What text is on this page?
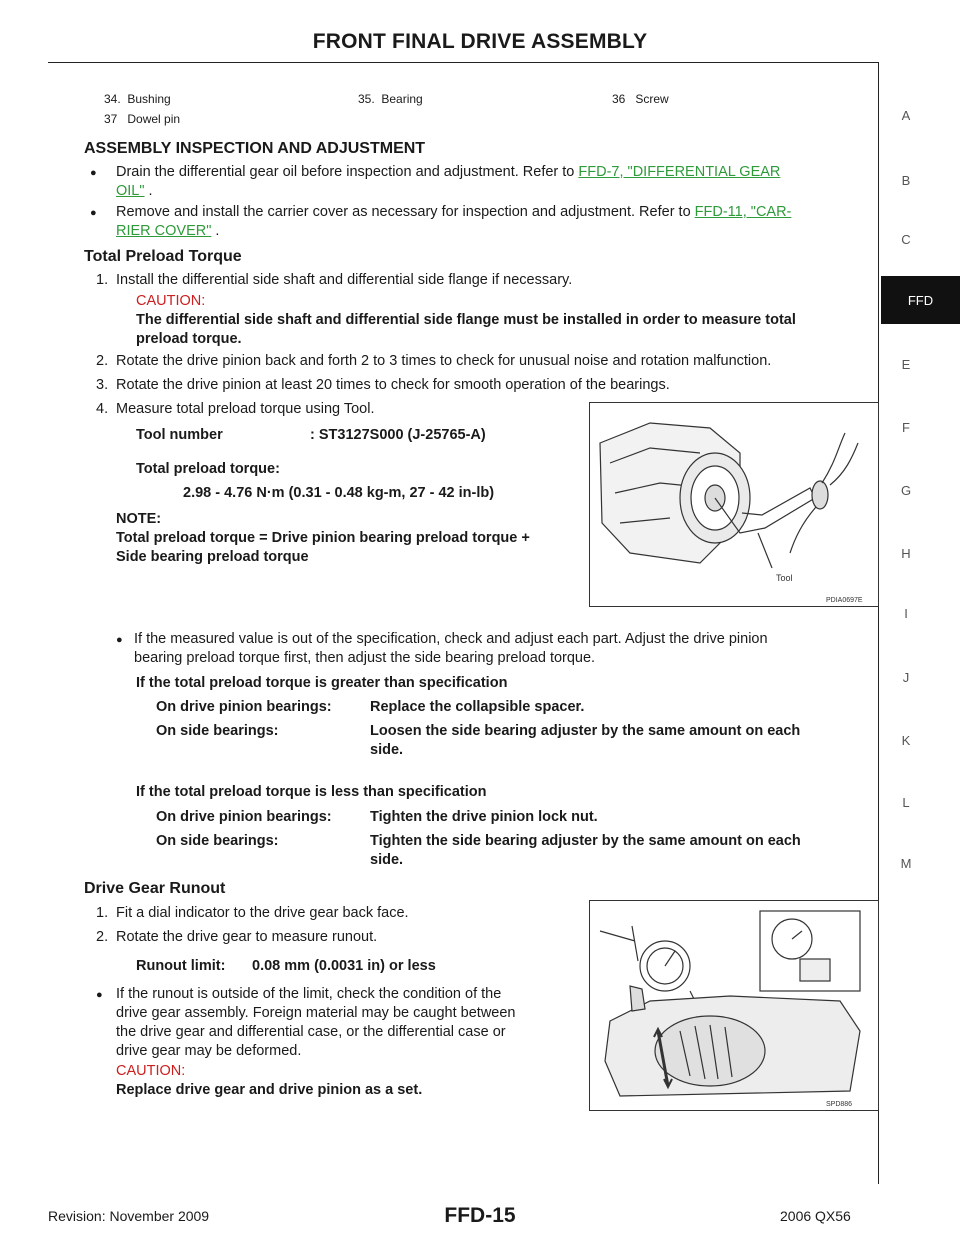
FRONT FINAL DRIVE ASSEMBLY
A
B
C
FFD
E
F
G
H
I
J
K
L
M
34. Bushing	35. Bearing	36 Screw
37 Dowel pin
ASSEMBLY INSPECTION AND ADJUSTMENT
● Drain the differential gear oil before inspection and adjustment. Refer to FFD-7, "DIFFERENTIAL GEAR
OIL" .
● Remove and install the carrier cover as necessary for inspection and adjustment. Refer to FFD-11, "CAR-
RIER COVER" .
Total Preload Torque
1. Install the differential side shaft and differential side flange if necessary.
CAUTION:
The differential side shaft and differential side flange must be installed in order to measure total
preload torque.
2. Rotate the drive pinion back and forth 2 to 3 times to check for unusual noise and rotation malfunction.
3. Rotate the drive pinion at least 20 times to check for smooth operation of the bearings.
4. Measure total preload torque using Tool.
Tool number	: ST3127S000 (J-25765-A)
Total preload torque:
2.98 - 4.76 N·m (0.31 - 0.48 kg-m, 27 - 42 in-lb)
NOTE:
Total preload torque = Drive pinion bearing preload torque +
Side bearing preload torque
Tool
PDIA0697E
● If the measured value is out of the specification, check and adjust each part. Adjust the drive pinion
bearing preload torque first, then adjust the side bearing preload torque.
If the total preload torque is greater than specification
On drive pinion bearings:	Replace the collapsible spacer.
On side bearings:	Loosen the side bearing adjuster by the same amount on each
side.
If the total preload torque is less than specification
On drive pinion bearings:	Tighten the drive pinion lock nut.
On side bearings:	Tighten the side bearing adjuster by the same amount on each
side.
Drive Gear Runout
1. Fit a dial indicator to the drive gear back face.
2. Rotate the drive gear to measure runout.
Runout limit: 0.08 mm (0.0031 in) or less
● If the runout is outside of the limit, check the condition of the
drive gear assembly. Foreign material may be caught between
the drive gear and differential case, or the differential case or
drive gear may be deformed.
CAUTION:
Replace drive gear and drive pinion as a set.
SPD886
Revision: November 2009	FFD-15	2006 QX56
